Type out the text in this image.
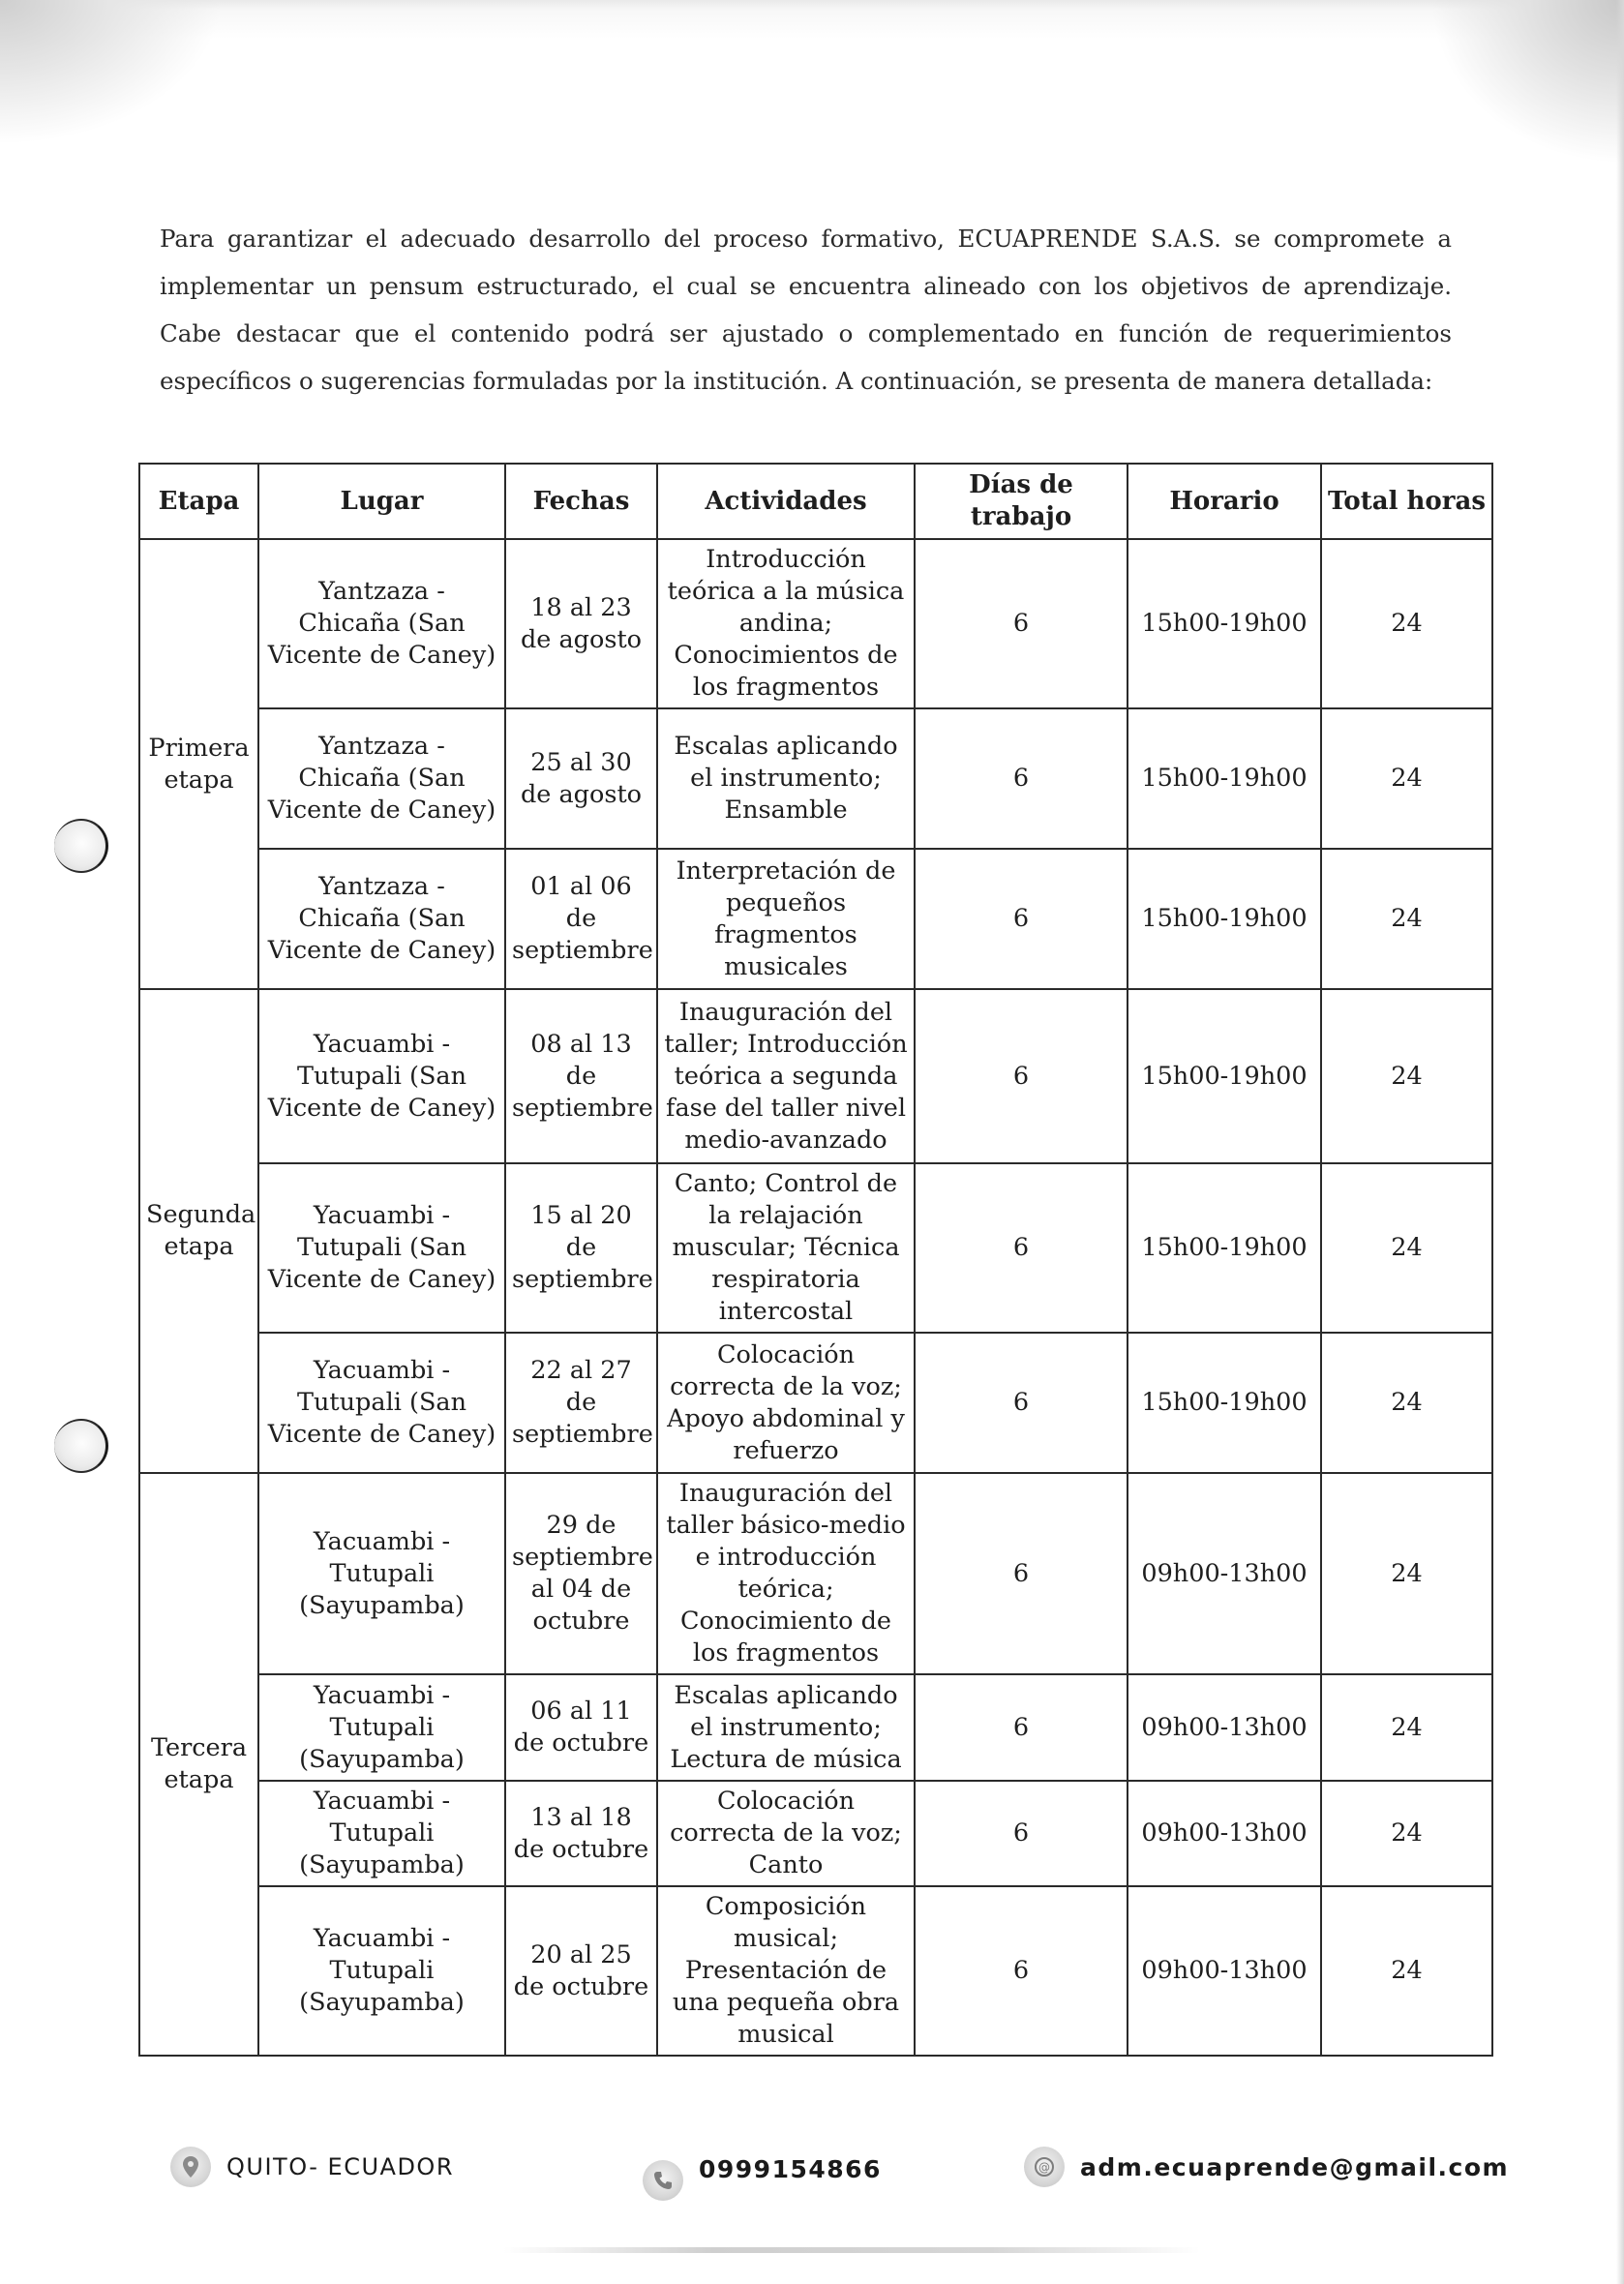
Para garantizar el adecuado desarrollo del proceso formativo, ECUAPRENDE S.A.S. se compromete a implementar un pensum estructurado, el cual se encuentra alineado con los objetivos de aprendizaje. Cabe destacar que el contenido podrá ser ajustado o complementado en función de requerimientos específicos o sugerencias formuladas por la institución. A continuación, se presenta de manera detallada:

Etapa	Lugar	Fechas	Actividades	Días de trabajo	Horario	Total horas
Primera etapa	Yantzaza - Chicaña (San Vicente de Caney)	18 al 23 de agosto	Introducción teórica a la música andina; Conocimientos de los fragmentos	6	15h00-19h00	24
	Yantzaza - Chicaña (San Vicente de Caney)	25 al 30 de agosto	Escalas aplicando el instrumento; Ensamble	6	15h00-19h00	24
	Yantzaza - Chicaña (San Vicente de Caney)	01 al 06 de septiembre	Interpretación de pequeños fragmentos musicales	6	15h00-19h00	24
Segunda etapa	Yacuambi - Tutupali (San Vicente de Caney)	08 al 13 de septiembre	Inauguración del taller; Introducción teórica a segunda fase del taller nivel medio-avanzado	6	15h00-19h00	24
	Yacuambi - Tutupali (San Vicente de Caney)	15 al 20 de septiembre	Canto; Control de la relajación muscular; Técnica respiratoria intercostal	6	15h00-19h00	24
	Yacuambi - Tutupali (San Vicente de Caney)	22 al 27 de septiembre	Colocación correcta de la voz; Apoyo abdominal y refuerzo	6	15h00-19h00	24
Tercera etapa	Yacuambi - Tutupali (Sayupamba)	29 de septiembre al 04 de octubre	Inauguración del taller básico-medio e introducción teórica; Conocimiento de los fragmentos	6	09h00-13h00	24
	Yacuambi - Tutupali (Sayupamba)	06 al 11 de octubre	Escalas aplicando el instrumento; Lectura de música	6	09h00-13h00	24
	Yacuambi - Tutupali (Sayupamba)	13 al 18 de octubre	Colocación correcta de la voz; Canto	6	09h00-13h00	24
	Yacuambi - Tutupali (Sayupamba)	20 al 25 de octubre	Composición musical; Presentación de una pequeña obra musical	6	09h00-13h00	24
QUITO- ECUADOR	0999154866	@ adm.ecuaprende@gmail.com
